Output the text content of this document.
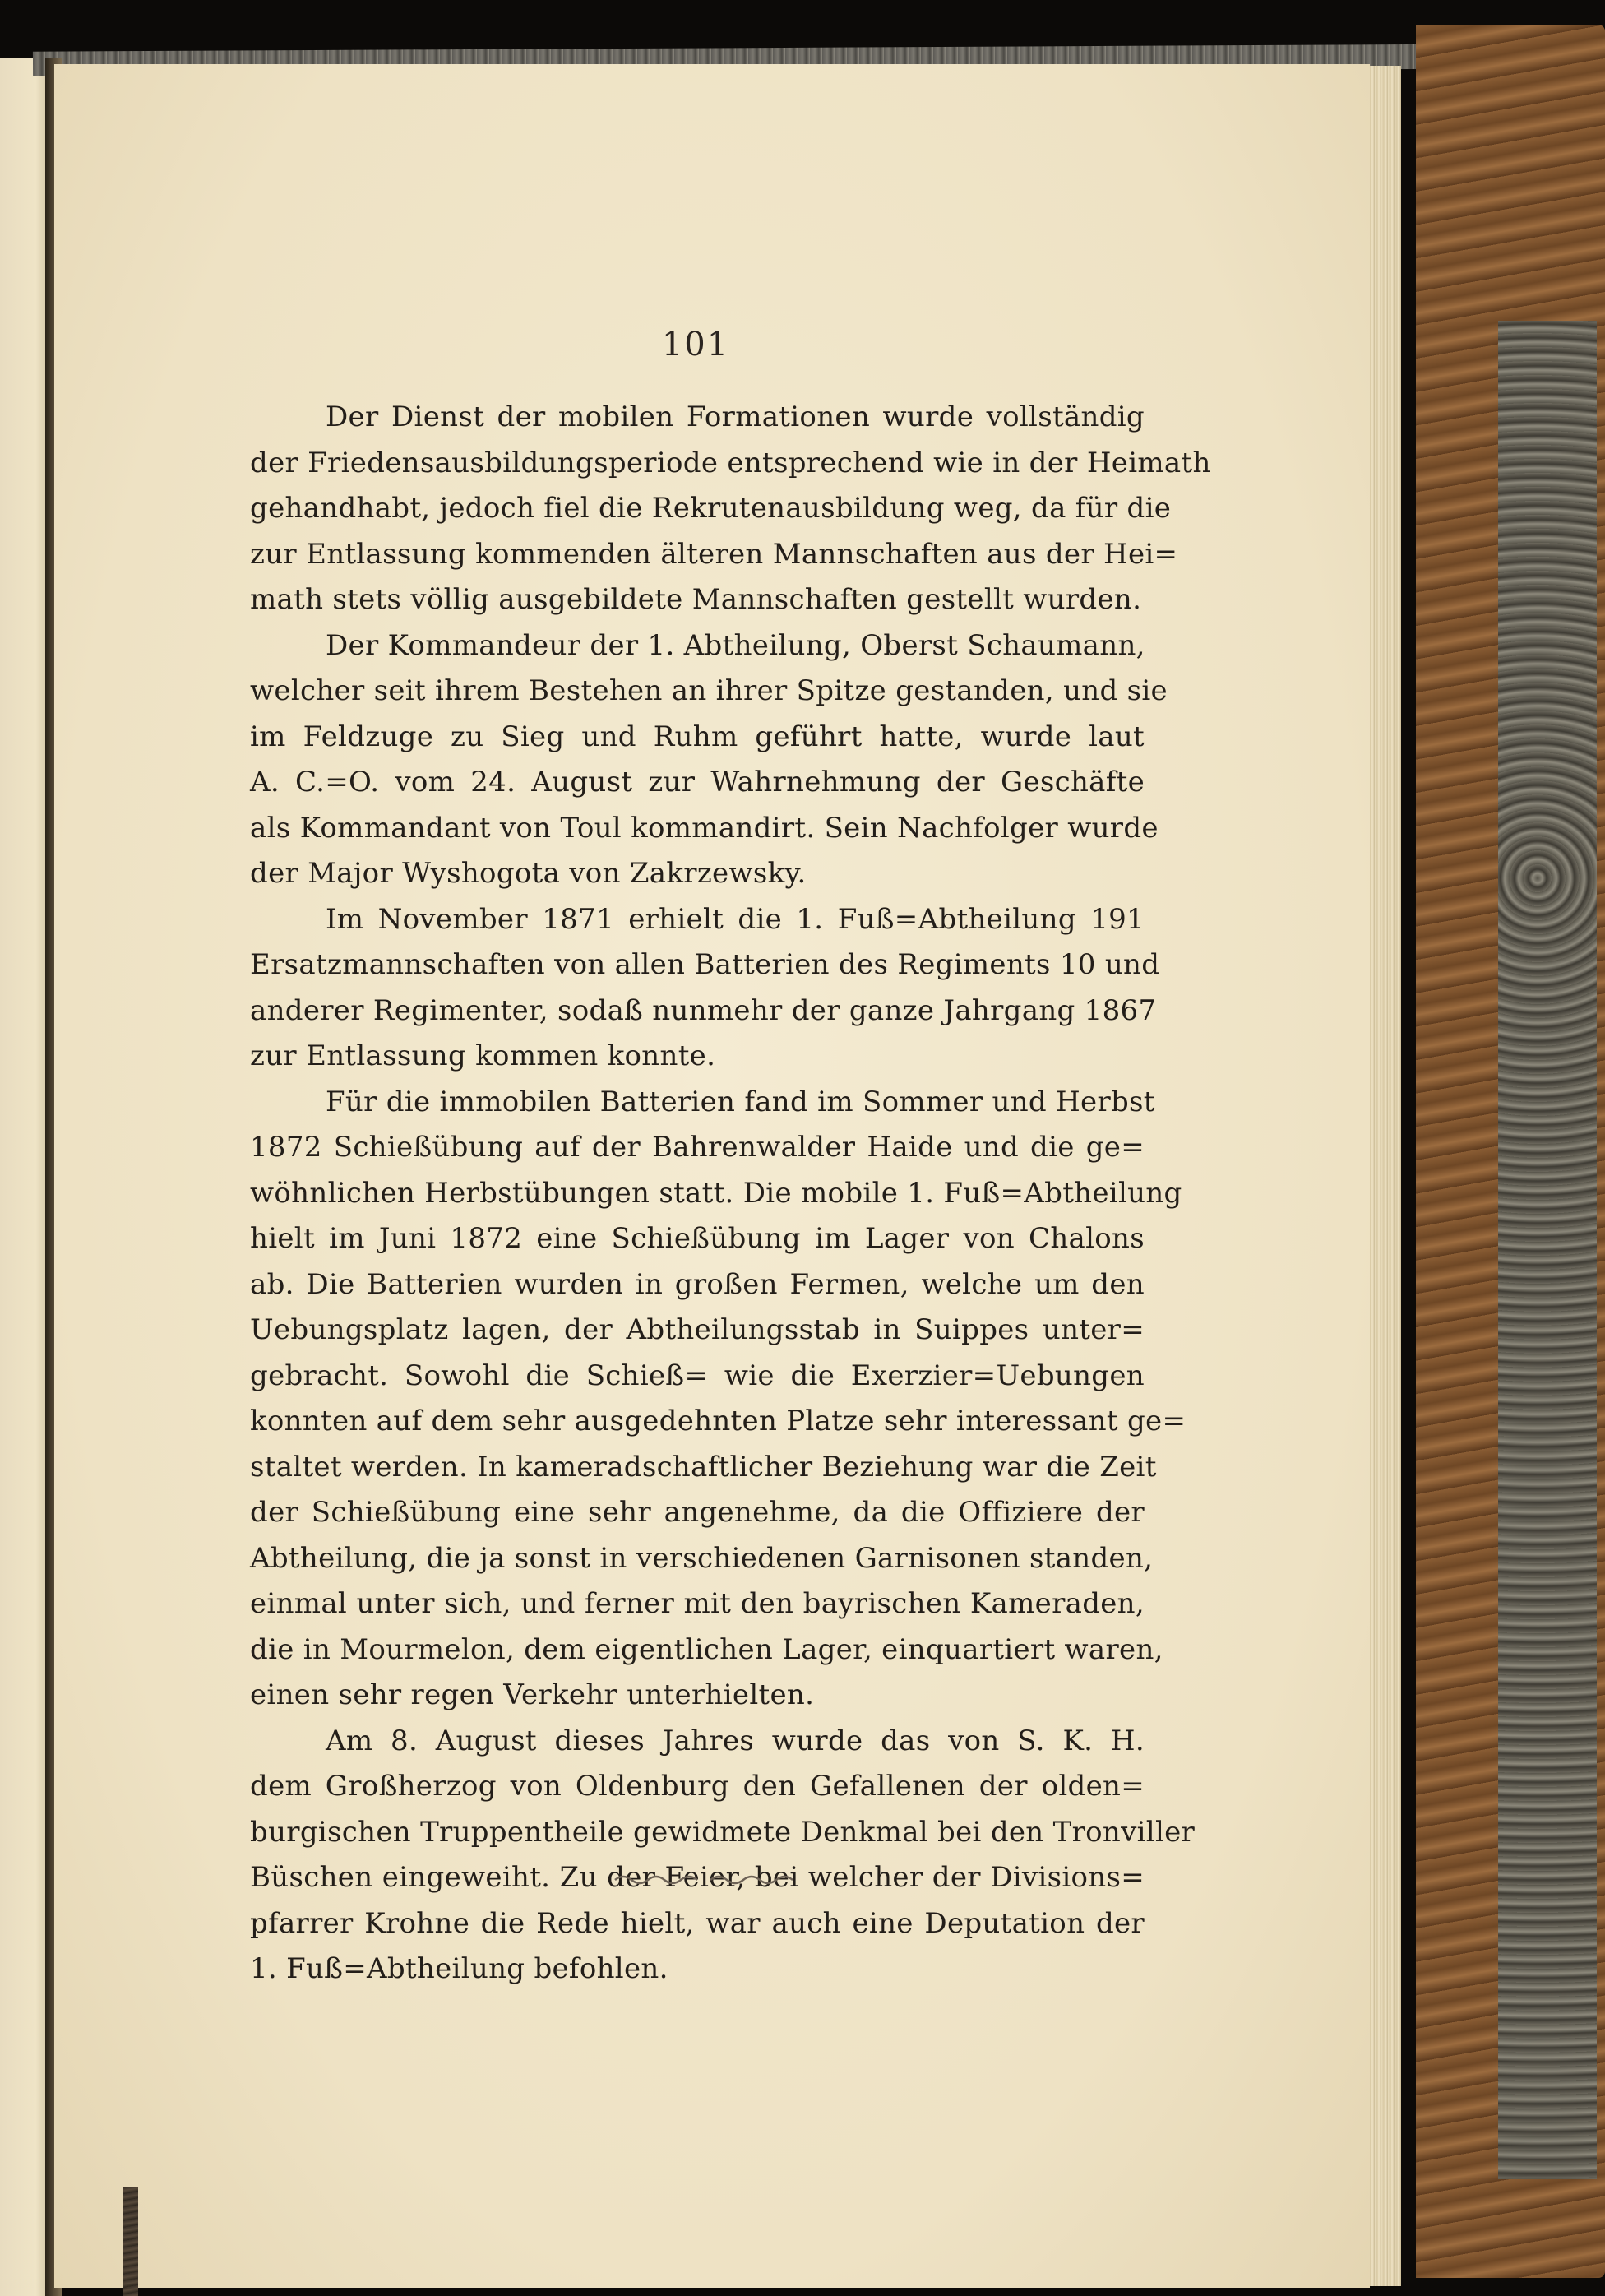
101
Der Dienst der mobilen Formationen wurde vollständig
der Friedensausbildungsperiode entsprechend wie in der Heimath
gehandhabt, jedoch fiel die Rekrutenausbildung weg, da für die
zur Entlassung kommenden älteren Mannschaften aus der Hei=
math stets völlig ausgebildete Mannschaften gestellt wurden.
Der Kommandeur der 1. Abtheilung, Oberst Schaumann,
welcher seit ihrem Bestehen an ihrer Spitze gestanden, und sie
im Feldzuge zu Sieg und Ruhm geführt hatte, wurde laut
A. C.=O. vom 24. August zur Wahrnehmung der Geschäfte
als Kommandant von Toul kommandirt. Sein Nachfolger wurde
der Major Wyshogota von Zakrzewsky.
Im November 1871 erhielt die 1. Fuß=Abtheilung 191
Ersatzmannschaften von allen Batterien des Regiments 10 und
anderer Regimenter, sodaß nunmehr der ganze Jahrgang 1867
zur Entlassung kommen konnte.
Für die immobilen Batterien fand im Sommer und Herbst
1872 Schießübung auf der Bahrenwalder Haide und die ge=
wöhnlichen Herbstübungen statt. Die mobile 1. Fuß=Abtheilung
hielt im Juni 1872 eine Schießübung im Lager von Chalons
ab. Die Batterien wurden in großen Fermen, welche um den
Uebungsplatz lagen, der Abtheilungsstab in Suippes unter=
gebracht. Sowohl die Schieß= wie die Exerzier=Uebungen
konnten auf dem sehr ausgedehnten Platze sehr interessant ge=
staltet werden. In kameradschaftlicher Beziehung war die Zeit
der Schießübung eine sehr angenehme, da die Offiziere der
Abtheilung, die ja sonst in verschiedenen Garnisonen standen,
einmal unter sich, und ferner mit den bayrischen Kameraden,
die in Mourmelon, dem eigentlichen Lager, einquartiert waren,
einen sehr regen Verkehr unterhielten.
Am 8. August dieses Jahres wurde das von S. K. H.
dem Großherzog von Oldenburg den Gefallenen der olden=
burgischen Truppentheile gewidmete Denkmal bei den Tronviller
Büschen eingeweiht. Zu der Feier, bei welcher der Divisions=
pfarrer Krohne die Rede hielt, war auch eine Deputation der
1. Fuß=Abtheilung befohlen.
